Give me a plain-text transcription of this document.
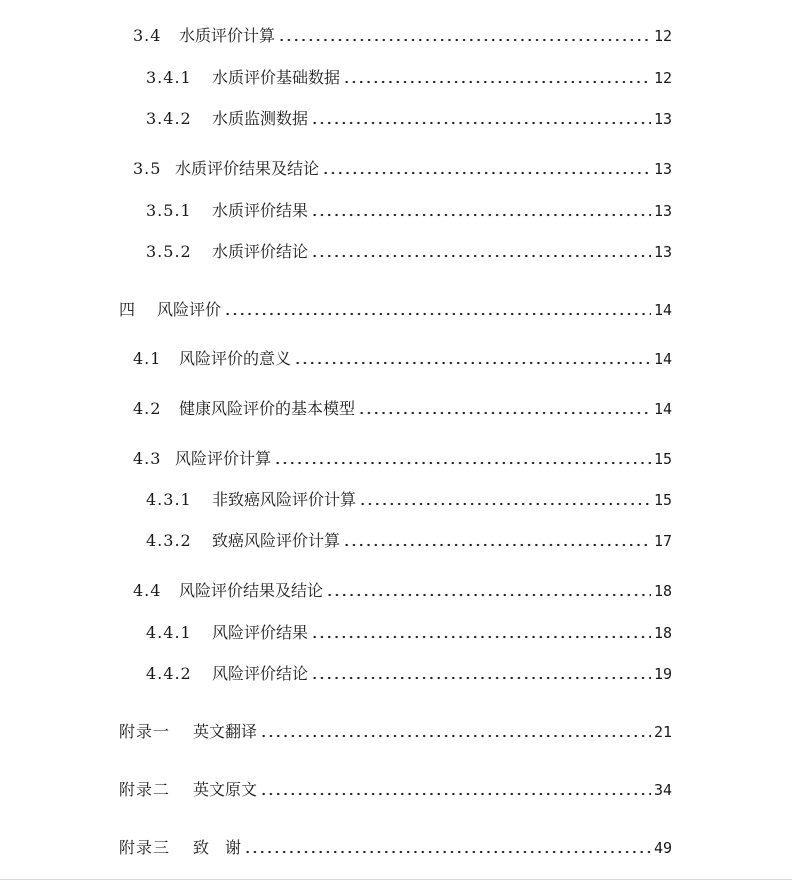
3.4	水质评价计算	12
3.4.1	水质评价基础数据	12
3.4.2	水质监测数据	13
3.5 水质评价结果及结论	13
3.5.1	水质评价结果	13
3.5.2	水质评价结论	13
四	风险评价	14
4.1	风险评价的意义	14
4.2	健康风险评价的基本模型	14
4.3 风险评价计算	15
4.3.1	非致癌风险评价计算	15
4.3.2	致癌风险评价计算	17
4.4	风险评价结果及结论	18
4.4.1	风险评价结果	18
4.4.2	风险评价结论	19
附录一	英文翻译	21
附录二	英文原文	34
附录三	致　谢	49
